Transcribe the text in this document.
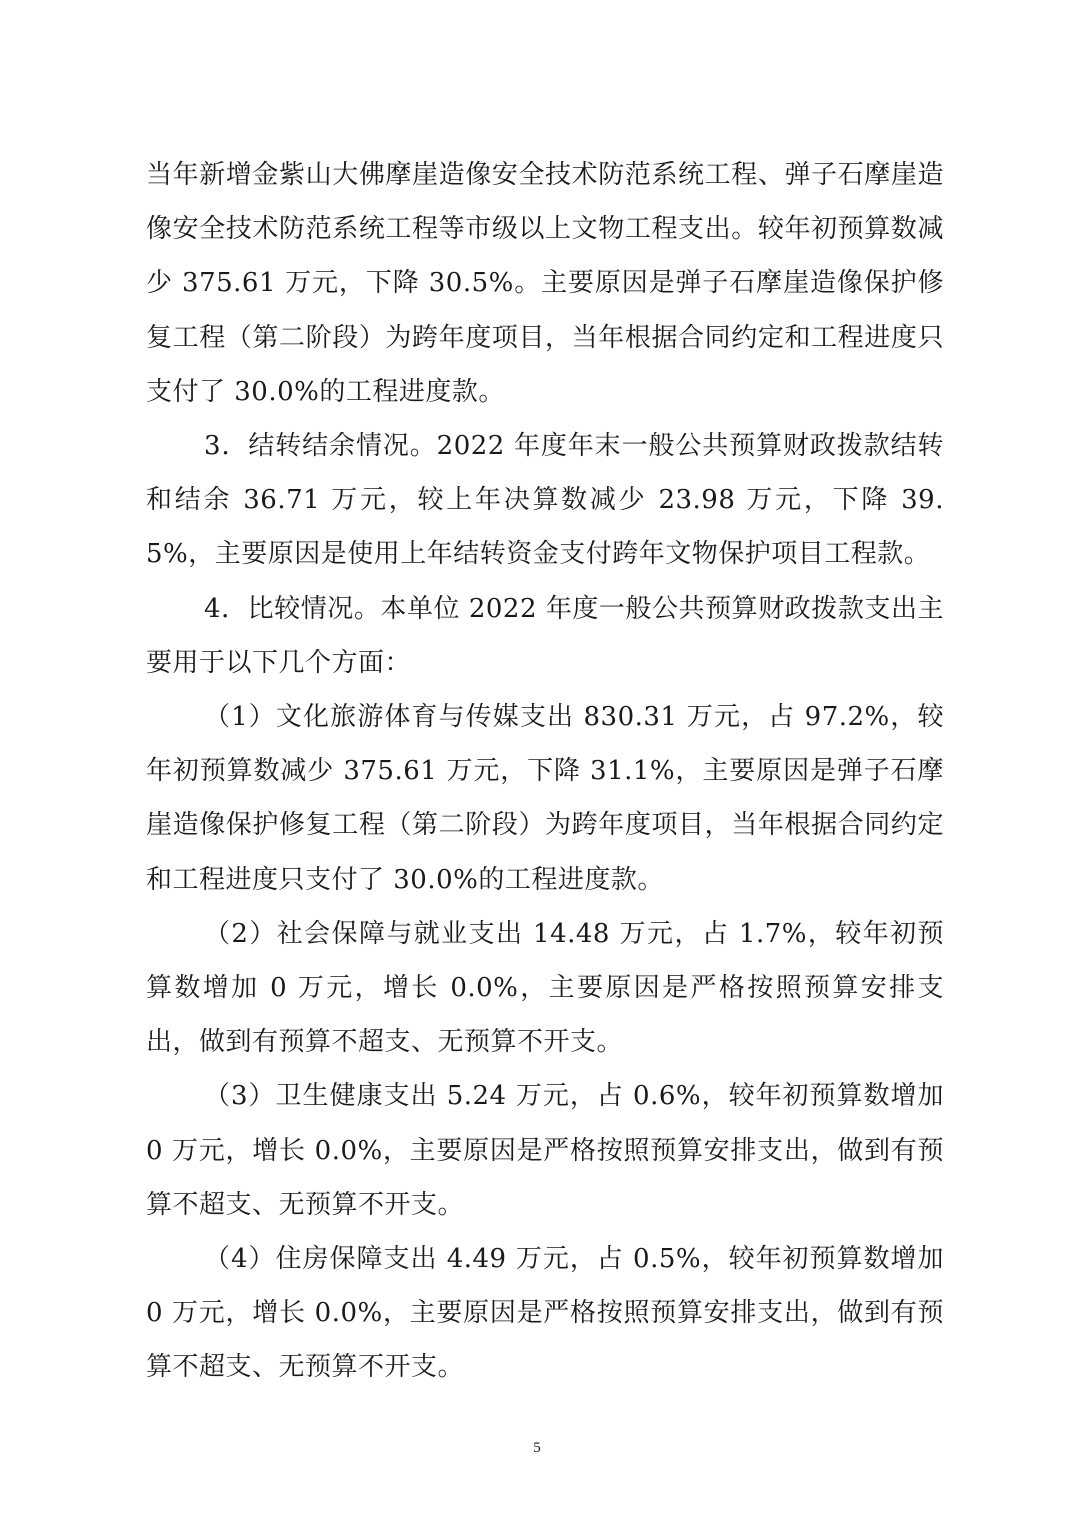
当年新增金紫山大佛摩崖造像安全技术防范系统工程、弹子石摩崖造像安全技术防范系统工程等市级以上文物工程支出。较年初预算数减少 375.61 万元，下降 30.5%。主要原因是弹子石摩崖造像保护修复工程（第二阶段）为跨年度项目，当年根据合同约定和工程进度只支付了 30.0%的工程进度款。

3．结转结余情况。2022 年度年末一般公共预算财政拨款结转和结余 36.71 万元，较上年决算数减少 23.98 万元，下降 39.5%，主要原因是使用上年结转资金支付跨年文物保护项目工程款。

4．比较情况。本单位 2022 年度一般公共预算财政拨款支出主要用于以下几个方面：

（1）文化旅游体育与传媒支出 830.31 万元，占 97.2%，较年初预算数减少 375.61 万元，下降 31.1%，主要原因是弹子石摩崖造像保护修复工程（第二阶段）为跨年度项目，当年根据合同约定和工程进度只支付了 30.0%的工程进度款。

（2）社会保障与就业支出 14.48 万元，占 1.7%，较年初预算数增加 0 万元，增长 0.0%，主要原因是严格按照预算安排支出，做到有预算不超支、无预算不开支。

（3）卫生健康支出 5.24 万元，占 0.6%，较年初预算数增加 0 万元，增长 0.0%，主要原因是严格按照预算安排支出，做到有预算不超支、无预算不开支。

（4）住房保障支出 4.49 万元，占 0.5%，较年初预算数增加 0 万元，增长 0.0%，主要原因是严格按照预算安排支出，做到有预算不超支、无预算不开支。

5
